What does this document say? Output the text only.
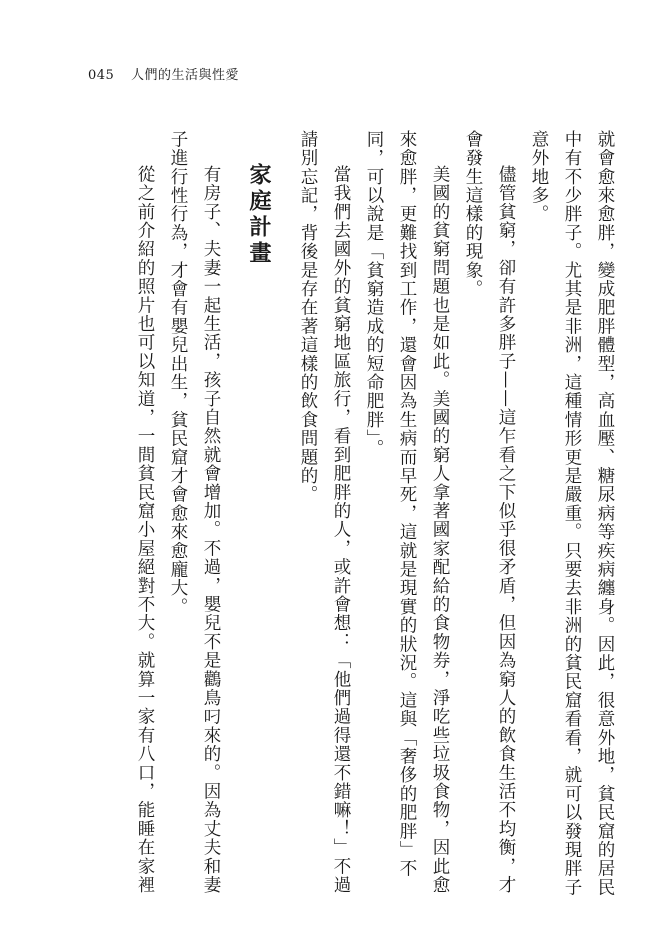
045 人們的生活與性愛

就會愈來愈胖，變成肥胖體型，高血壓、糖尿病等疾病纏身。因此，很意外地，貧民窟的居民中有不少胖子。尤其是非洲，這種情形更是嚴重。只要去非洲的貧民窟看看，就可以發現胖子意外地多。

儘管貧窮，卻有許多胖子——這乍看之下似乎很矛盾，但因為窮人的飲食生活不均衡，才會發生這樣的現象。

美國的貧窮問題也是如此。美國的窮人拿著國家配給的食物券，淨吃些垃圾食物，因此愈來愈胖，更難找到工作，還會因為生病而早死，這就是現實的狀況。這與「奢侈的肥胖」不同，可以說是「貧窮造成的短命肥胖」。

當我們去國外的貧窮地區旅行，看到肥胖的人，或許會想：「他們過得還不錯嘛！」不過請別忘記，背後是存在著這樣的飲食問題的。

家庭計畫

有房子、夫妻一起生活，孩子自然就會增加。不過，嬰兒不是鸛鳥叼來的。因為丈夫和妻子進行性行為，才會有嬰兒出生，貧民窟才會愈來愈龐大。

從之前介紹的照片也可以知道，一間貧民窟小屋絕對不大。就算一家有八口，能睡在家裡
